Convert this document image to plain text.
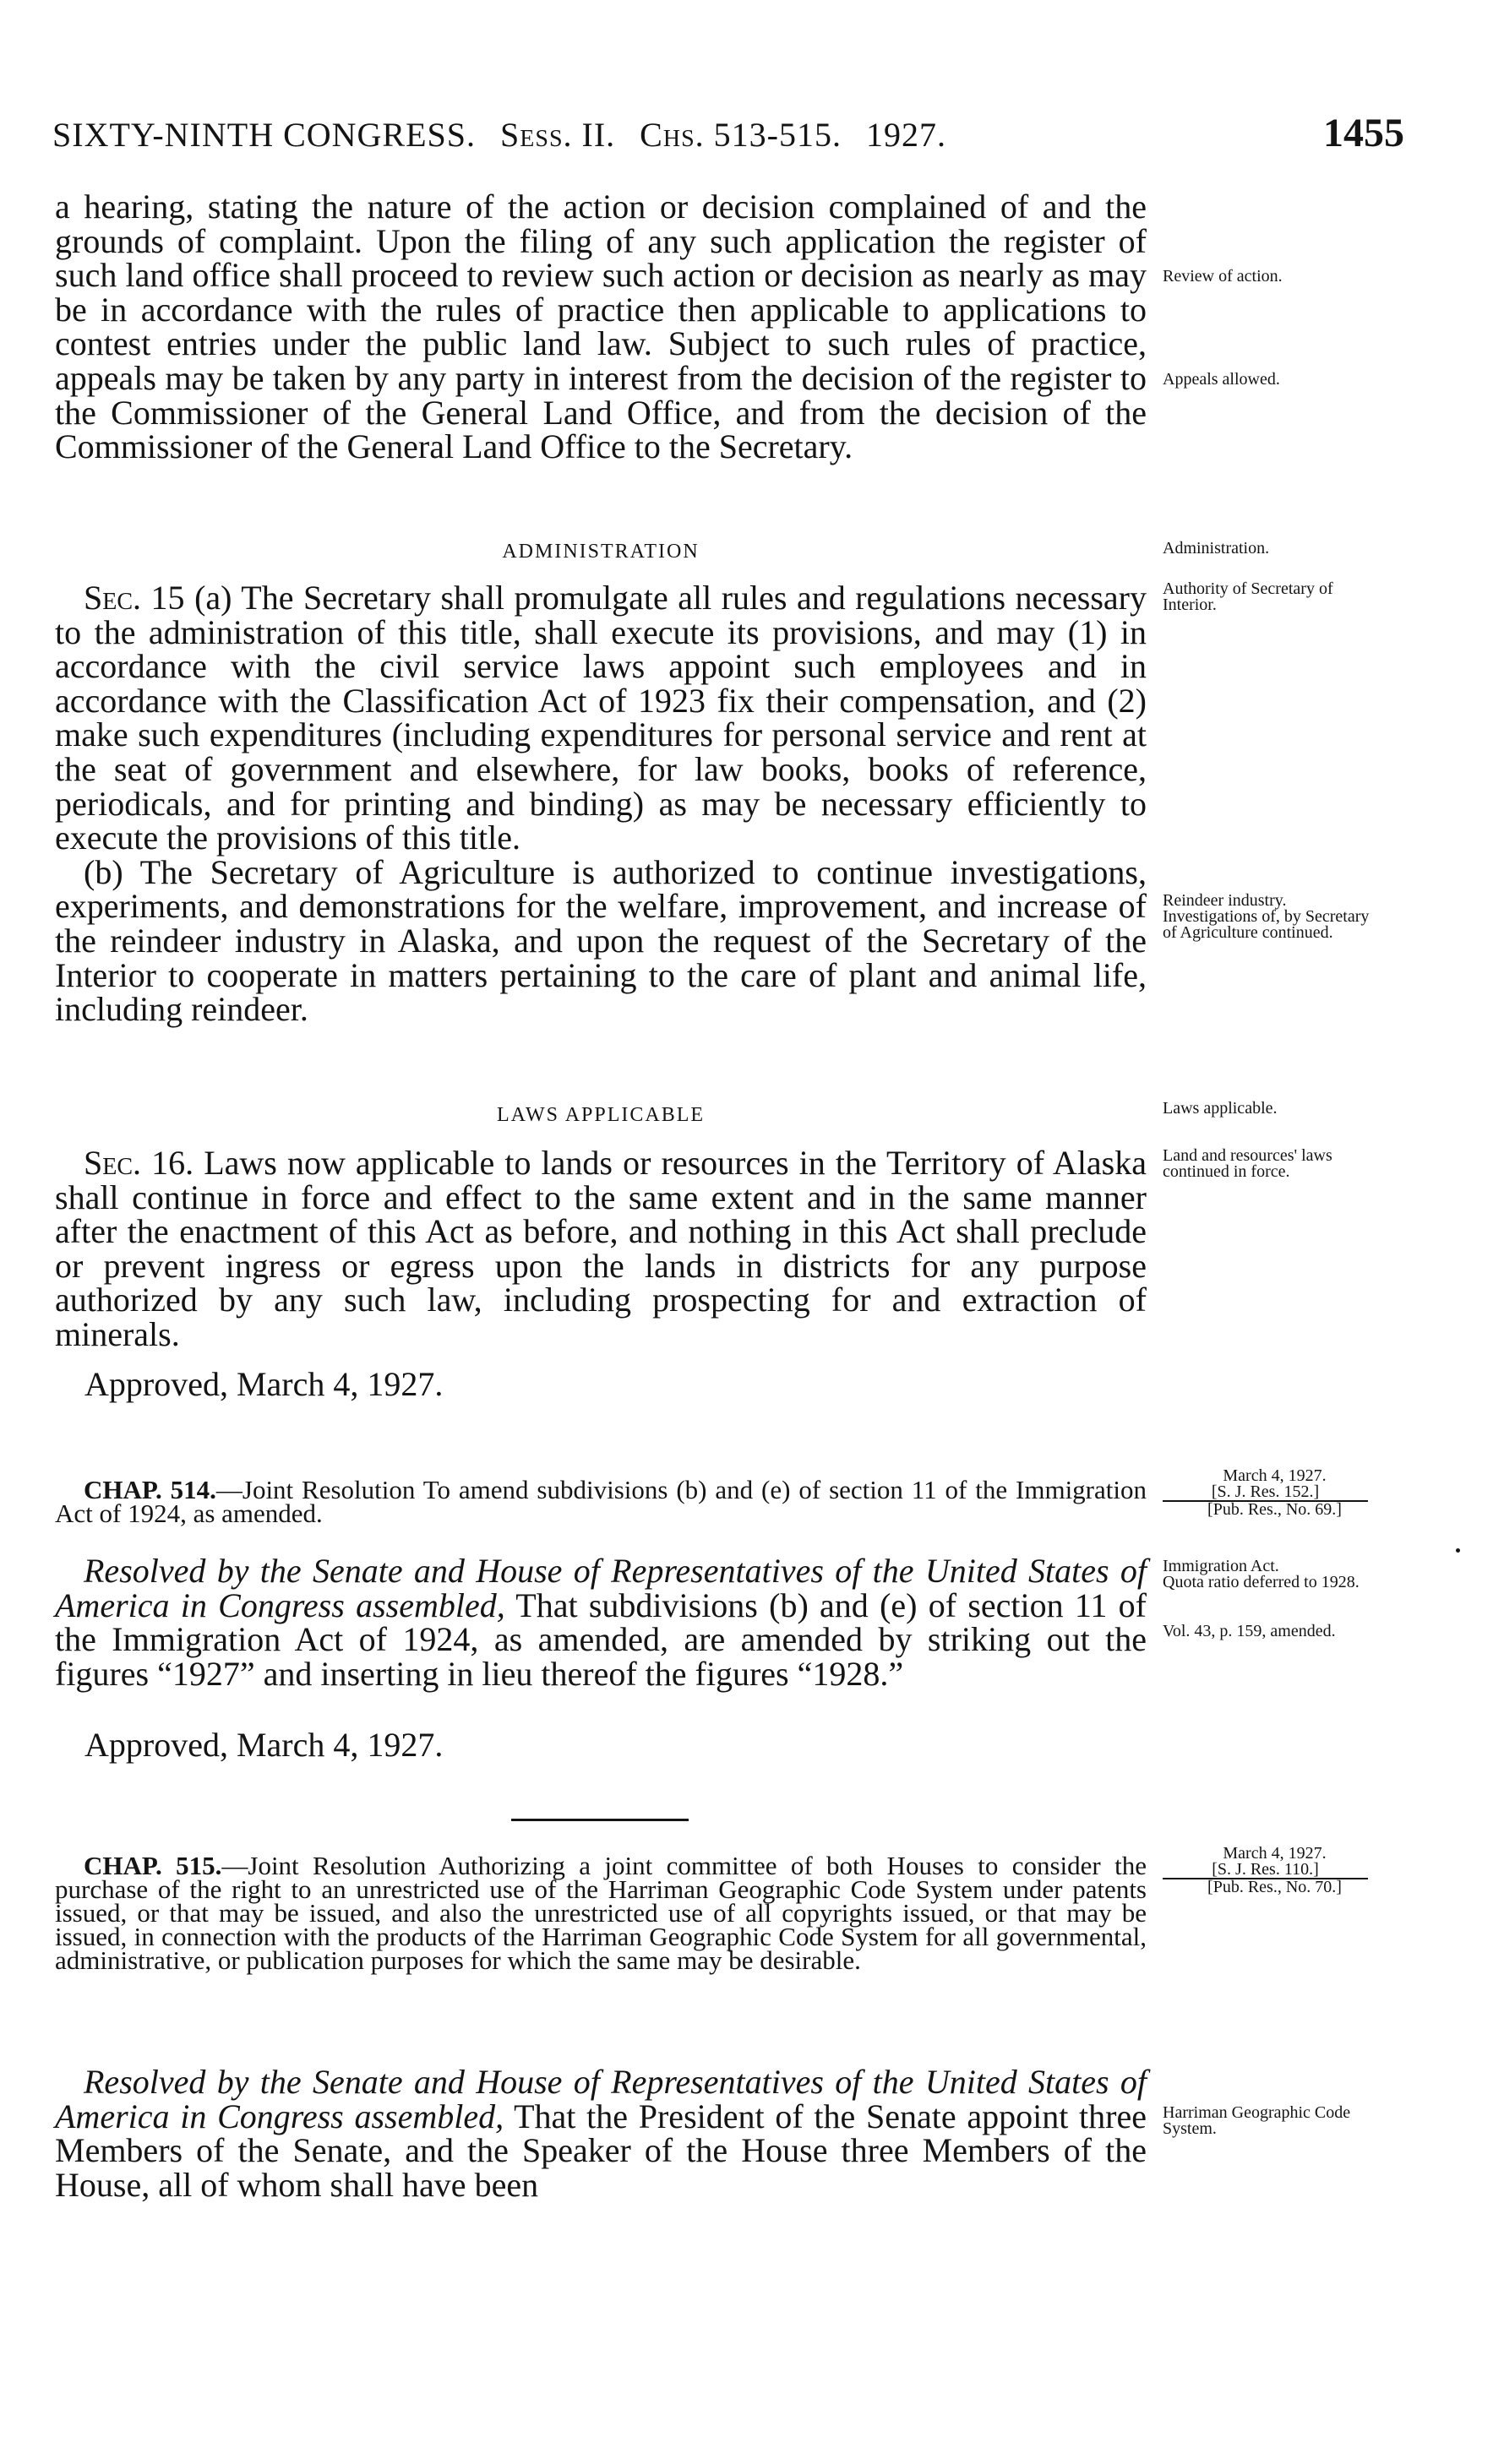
SIXTY-NINTH CONGRESS. Sess. II. Chs. 513-515. 1927.	1455

a hearing, stating the nature of the action or decision complained of and the grounds of complaint. Upon the filing of any such application the register of such land office shall proceed to review such action or decision as nearly as may be in accordance with the rules of practice then applicable to applications to contest entries under the public land law. Subject to such rules of practice, appeals may be taken by any party in interest from the decision of the register to the Commissioner of the General Land Office, and from the decision of the Commissioner of the General Land Office to the Secretary.

ADMINISTRATION

Sec. 15 (a) The Secretary shall promulgate all rules and regulations necessary to the administration of this title, shall execute its provisions, and may (1) in accordance with the civil service laws appoint such employees and in accordance with the Classification Act of 1923 fix their compensation, and (2) make such expenditures (including expenditures for personal service and rent at the seat of government and elsewhere, for law books, books of reference, periodicals, and for printing and binding) as may be necessary efficiently to execute the provisions of this title.

(b) The Secretary of Agriculture is authorized to continue investigations, experiments, and demonstrations for the welfare, improvement, and increase of the reindeer industry in Alaska, and upon the request of the Secretary of the Interior to cooperate in matters pertaining to the care of plant and animal life, including reindeer.

LAWS APPLICABLE

Sec. 16. Laws now applicable to lands or resources in the Territory of Alaska shall continue in force and effect to the same extent and in the same manner after the enactment of this Act as before, and nothing in this Act shall preclude or prevent ingress or egress upon the lands in districts for any purpose authorized by any such law, including prospecting for and extraction of minerals.

Approved, March 4, 1927.

CHAP. 514.—Joint Resolution To amend subdivisions (b) and (e) of section 11 of the Immigration Act of 1924, as amended.

Resolved by the Senate and House of Representatives of the United States of America in Congress assembled, That subdivisions (b) and (e) of section 11 of the Immigration Act of 1924, as amended, are amended by striking out the figures “1927” and inserting in lieu thereof the figures “1928.”

Approved, March 4, 1927.

CHAP. 515.—Joint Resolution Authorizing a joint committee of both Houses to consider the purchase of the right to an unrestricted use of the Harriman Geographic Code System under patents issued, or that may be issued, and also the unrestricted use of all copyrights issued, or that may be issued, in connection with the products of the Harriman Geographic Code System for all governmental, administrative, or publication purposes for which the same may be desirable.

Resolved by the Senate and House of Representatives of the United States of America in Congress assembled, That the President of the Senate appoint three Members of the Senate, and the Speaker of the House three Members of the House, all of whom shall have been

Review of action.
Appeals allowed.
Administration.
Authority of Secretary of Interior.
Reindeer industry.
Investigations of, by Secretary of Agriculture continued.
Laws applicable.
Land and resources' laws continued in force.
March 4, 1927.

[S. J. Res. 152.]
[Pub. Res., No. 69.]
Immigration Act.
Quota ratio deferred to 1928.
Vol. 43, p. 159, amended.
March 4, 1927.

[S. J. Res. 110.]
[Pub. Res., No. 70.]
Harriman Geographic Code System.
